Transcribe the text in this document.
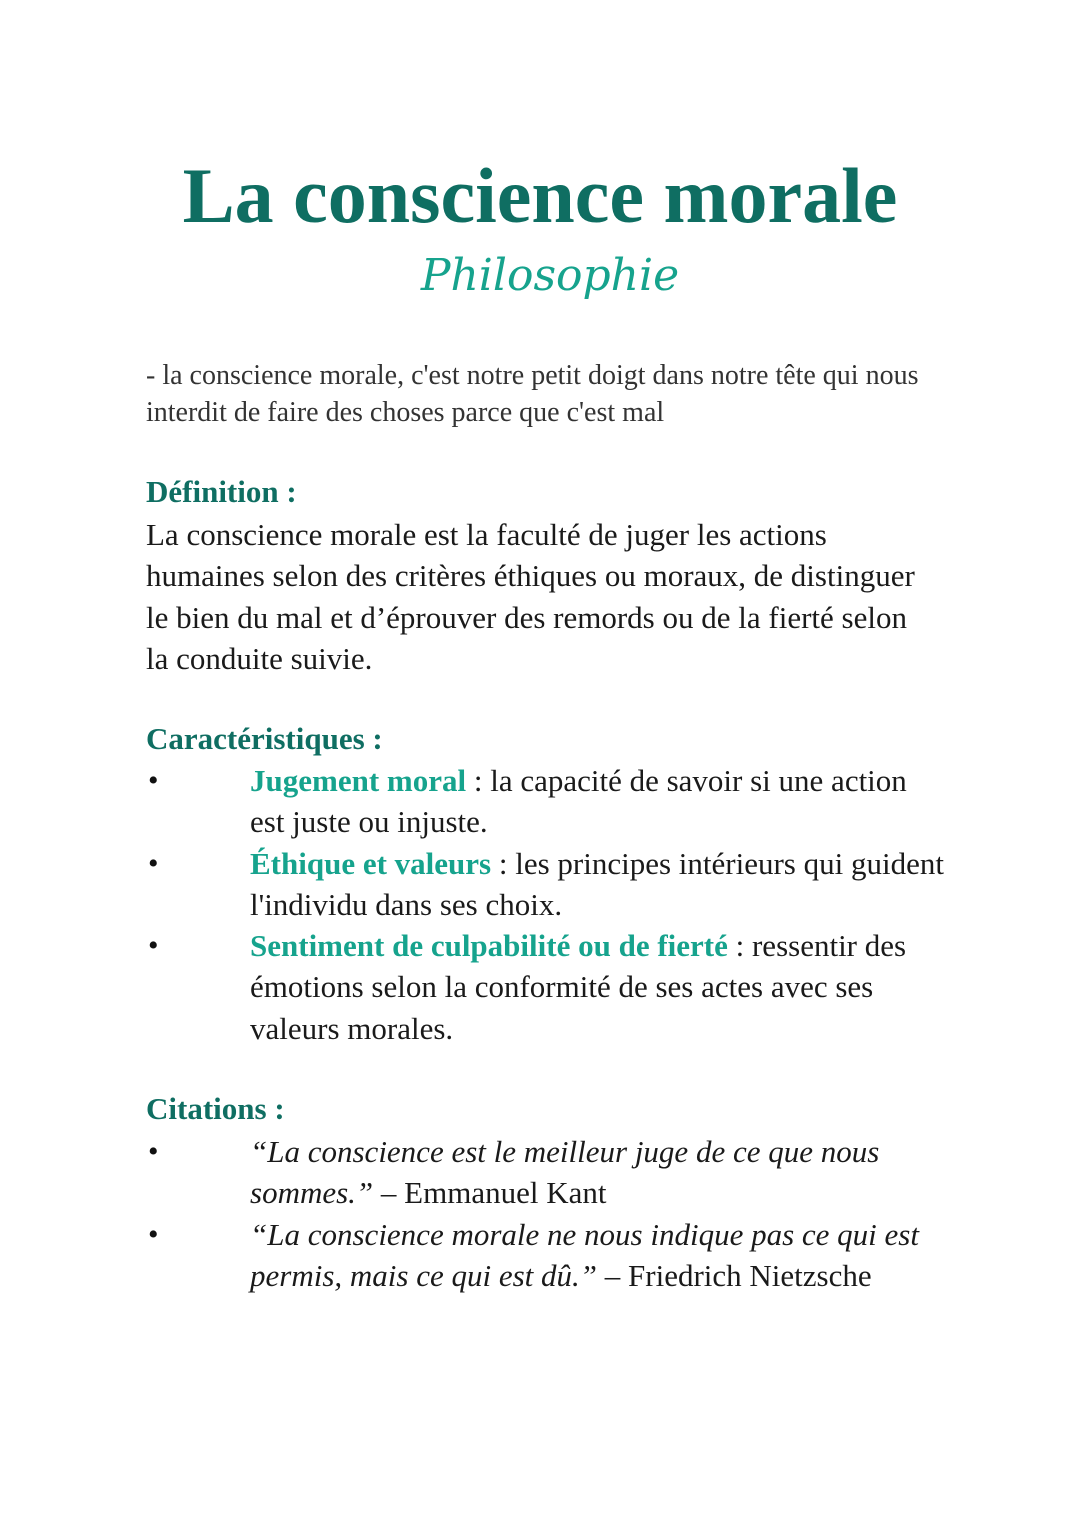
La conscience morale
Philosophie

- la conscience morale, c'est notre petit doigt dans notre tête qui nous interdit de faire des choses parce que c'est mal

Définition :

La conscience morale est la faculté de juger les actions humaines selon des critères éthiques ou moraux, de distinguer le bien du mal et d’éprouver des remords ou de la fierté selon la conduite suivie.

Caractéristiques :
•	Jugement moral : la capacité de savoir si une action est juste ou injuste.
•	Éthique et valeurs : les principes intérieurs qui guident l'individu dans ses choix.
•	Sentiment de culpabilité ou de fierté : ressentir des émotions selon la conformité de ses actes avec ses valeurs morales.
Citations :
•	“La conscience est le meilleur juge de ce que nous sommes.” – Emmanuel Kant
•	“La conscience morale ne nous indique pas ce qui est permis, mais ce qui est dû.” – Friedrich Nietzsche
